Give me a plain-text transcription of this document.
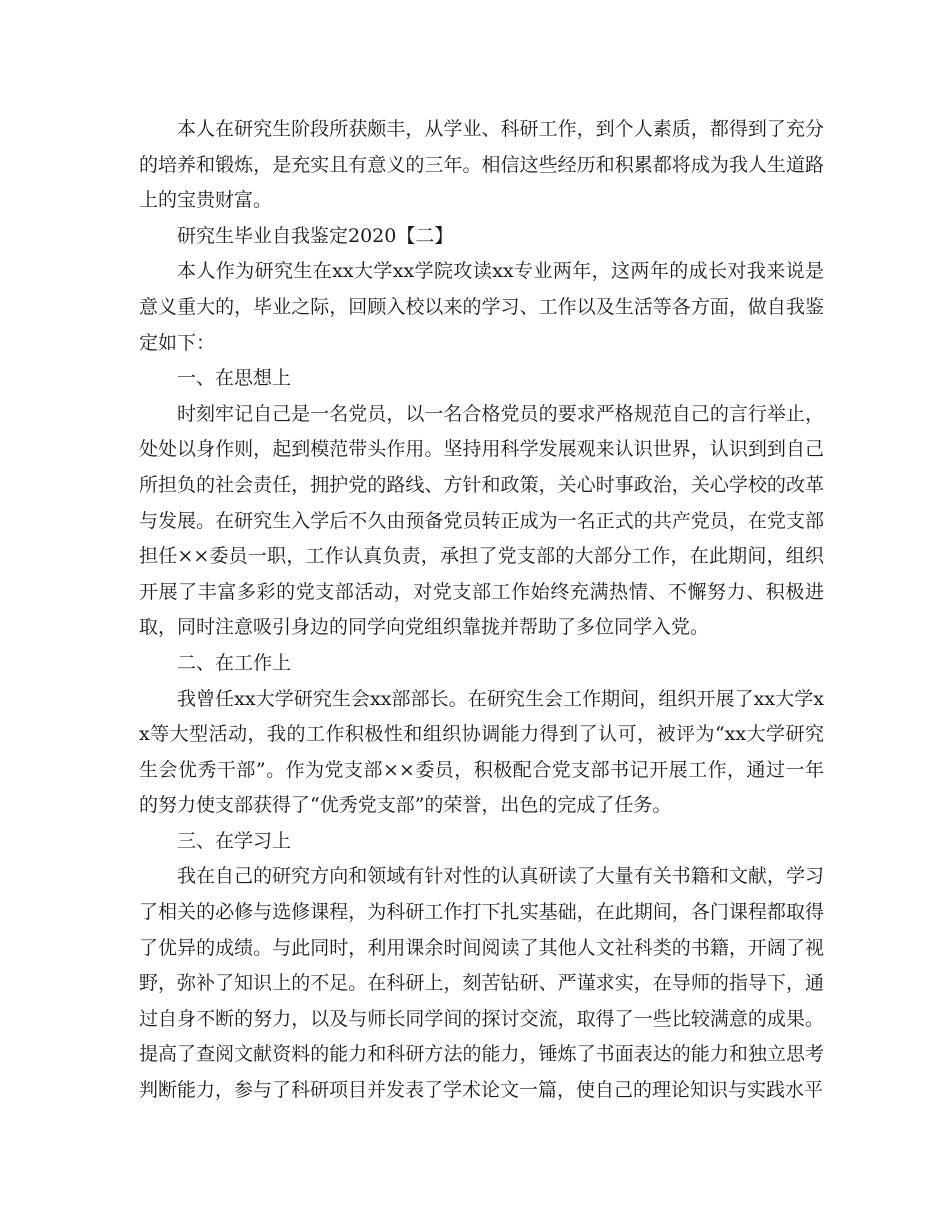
本人在研究生阶段所获颇丰，从学业、科研工作，到个人素质，都得到了充分的培养和锻炼，是充实且有意义的三年。相信这些经历和积累都将成为我人生道路上的宝贵财富。

研究生毕业自我鉴定2020【二】

本人作为研究生在xx大学xx学院攻读xx专业两年，这两年的成长对我来说是意义重大的，毕业之际，回顾入校以来的学习、工作以及生活等各方面，做自我鉴定如下：

一、在思想上

时刻牢记自己是一名党员，以一名合格党员的要求严格规范自己的言行举止，处处以身作则，起到模范带头作用。坚持用科学发展观来认识世界，认识到到自己所担负的社会责任，拥护党的路线、方针和政策，关心时事政治，关心学校的改革与发展。在研究生入学后不久由预备党员转正成为一名正式的共产党员，在党支部担任××委员一职，工作认真负责，承担了党支部的大部分工作，在此期间，组织开展了丰富多彩的党支部活动，对党支部工作始终充满热情、不懈努力、积极进取，同时注意吸引身边的同学向党组织靠拢并帮助了多位同学入党。

二、在工作上

我曾任xx大学研究生会xx部部长。在研究生会工作期间，组织开展了xx大学xx等大型活动，我的工作积极性和组织协调能力得到了认可，被评为“xx大学研究生会优秀干部”。作为党支部××委员，积极配合党支部书记开展工作，通过一年的努力使支部获得了“优秀党支部”的荣誉，出色的完成了任务。

三、在学习上

我在自己的研究方向和领域有针对性的认真研读了大量有关书籍和文献，学习了相关的必修与选修课程，为科研工作打下扎实基础，在此期间，各门课程都取得了优异的成绩。与此同时，利用课余时间阅读了其他人文社科类的书籍，开阔了视野，弥补了知识上的不足。在科研上，刻苦钻研、严谨求实，在导师的指导下，通过自身不断的努力，以及与师长同学间的探讨交流，取得了一些比较满意的成果。提高了查阅文献资料的能力和科研方法的能力，锤炼了书面表达的能力和独立思考判断能力，参与了科研项目并发表了学术论文一篇，使自己的理论知识与实践水平
